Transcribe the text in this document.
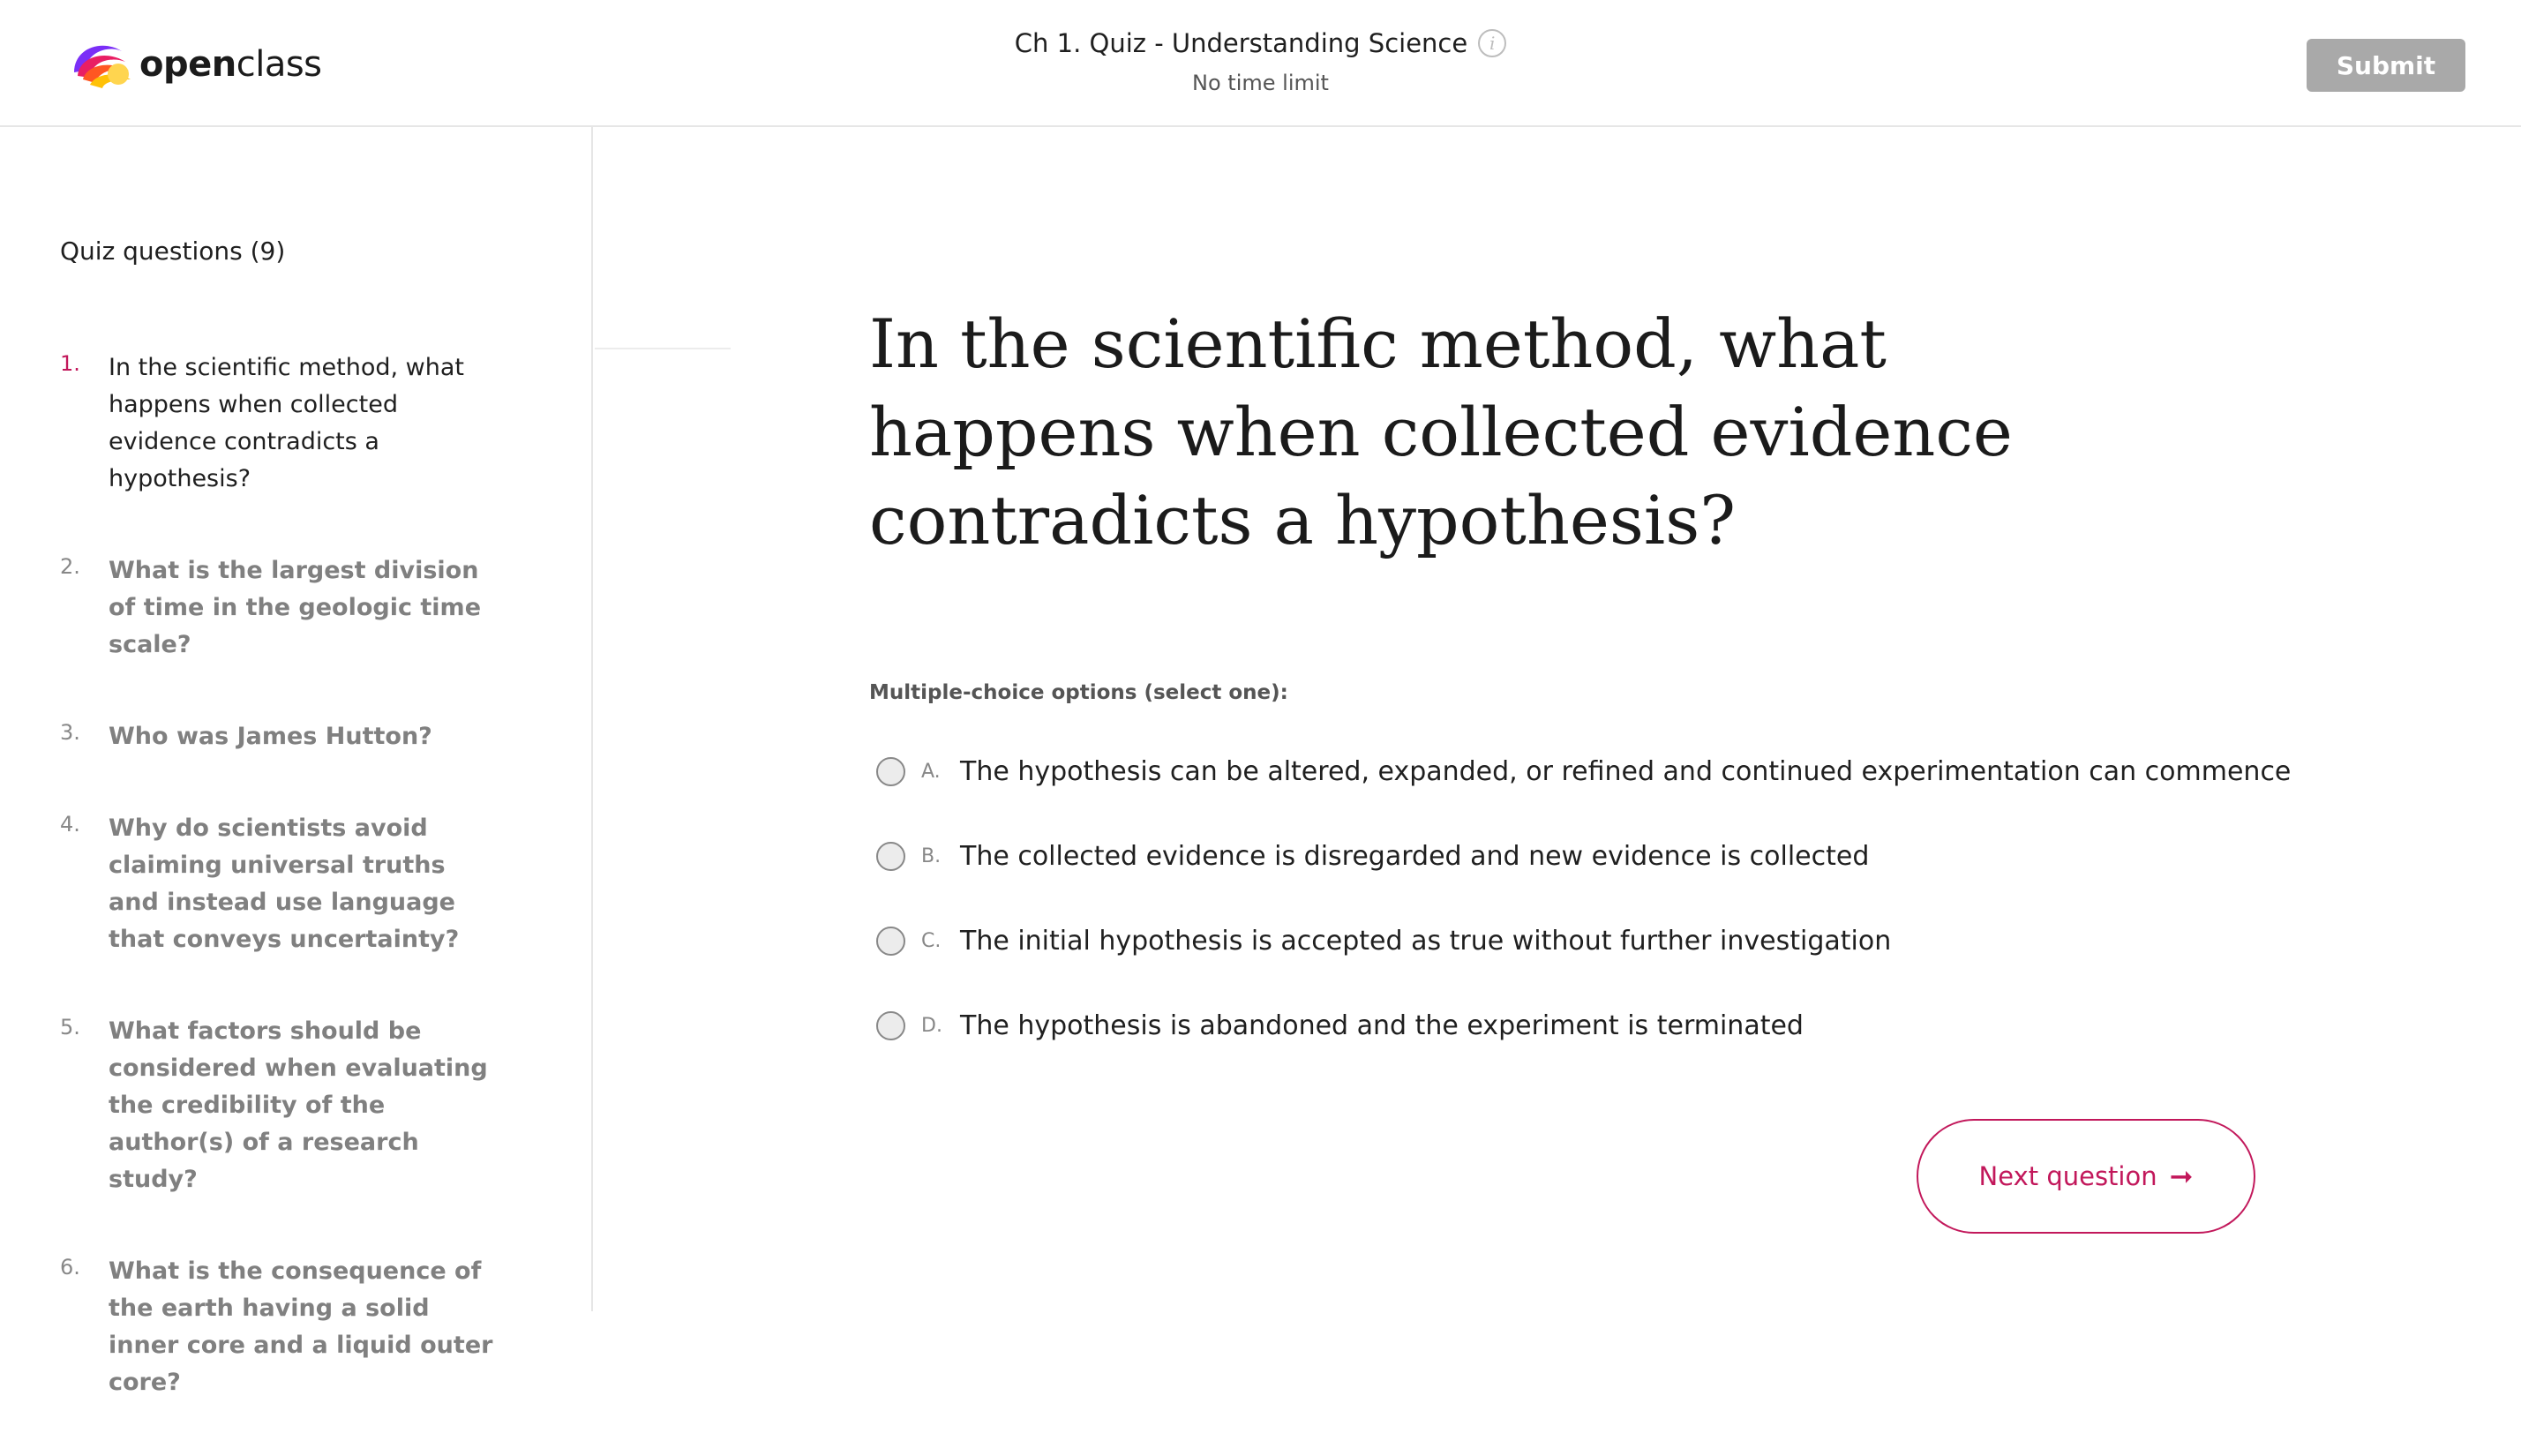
openclass
Ch 1. Quiz - Understanding Science	i
No time limit
Submit
Quiz questions (9)
1.	In the scientific method, what happens when collected evidence contradicts a hypothesis?
2.	What is the largest division of time in the geologic time scale?
3.	Who was James Hutton?
4.	Why do scientists avoid claiming universal truths and instead use language that conveys uncertainty?
5.	What factors should be considered when evaluating the credibility of the author(s) of a research study?
6.	What is the consequence of the earth having a solid inner core and a liquid outer core?
In the scientific method, what happens when collected evidence contradicts a hypothesis?
Multiple-choice options (select one):
A. The hypothesis can be altered, expanded, or refined and continued experimentation can commence
B. The collected evidence is disregarded and new evidence is collected
C. The initial hypothesis is accepted as true without further investigation
D. The hypothesis is abandoned and the experiment is terminated
Next question ➞
